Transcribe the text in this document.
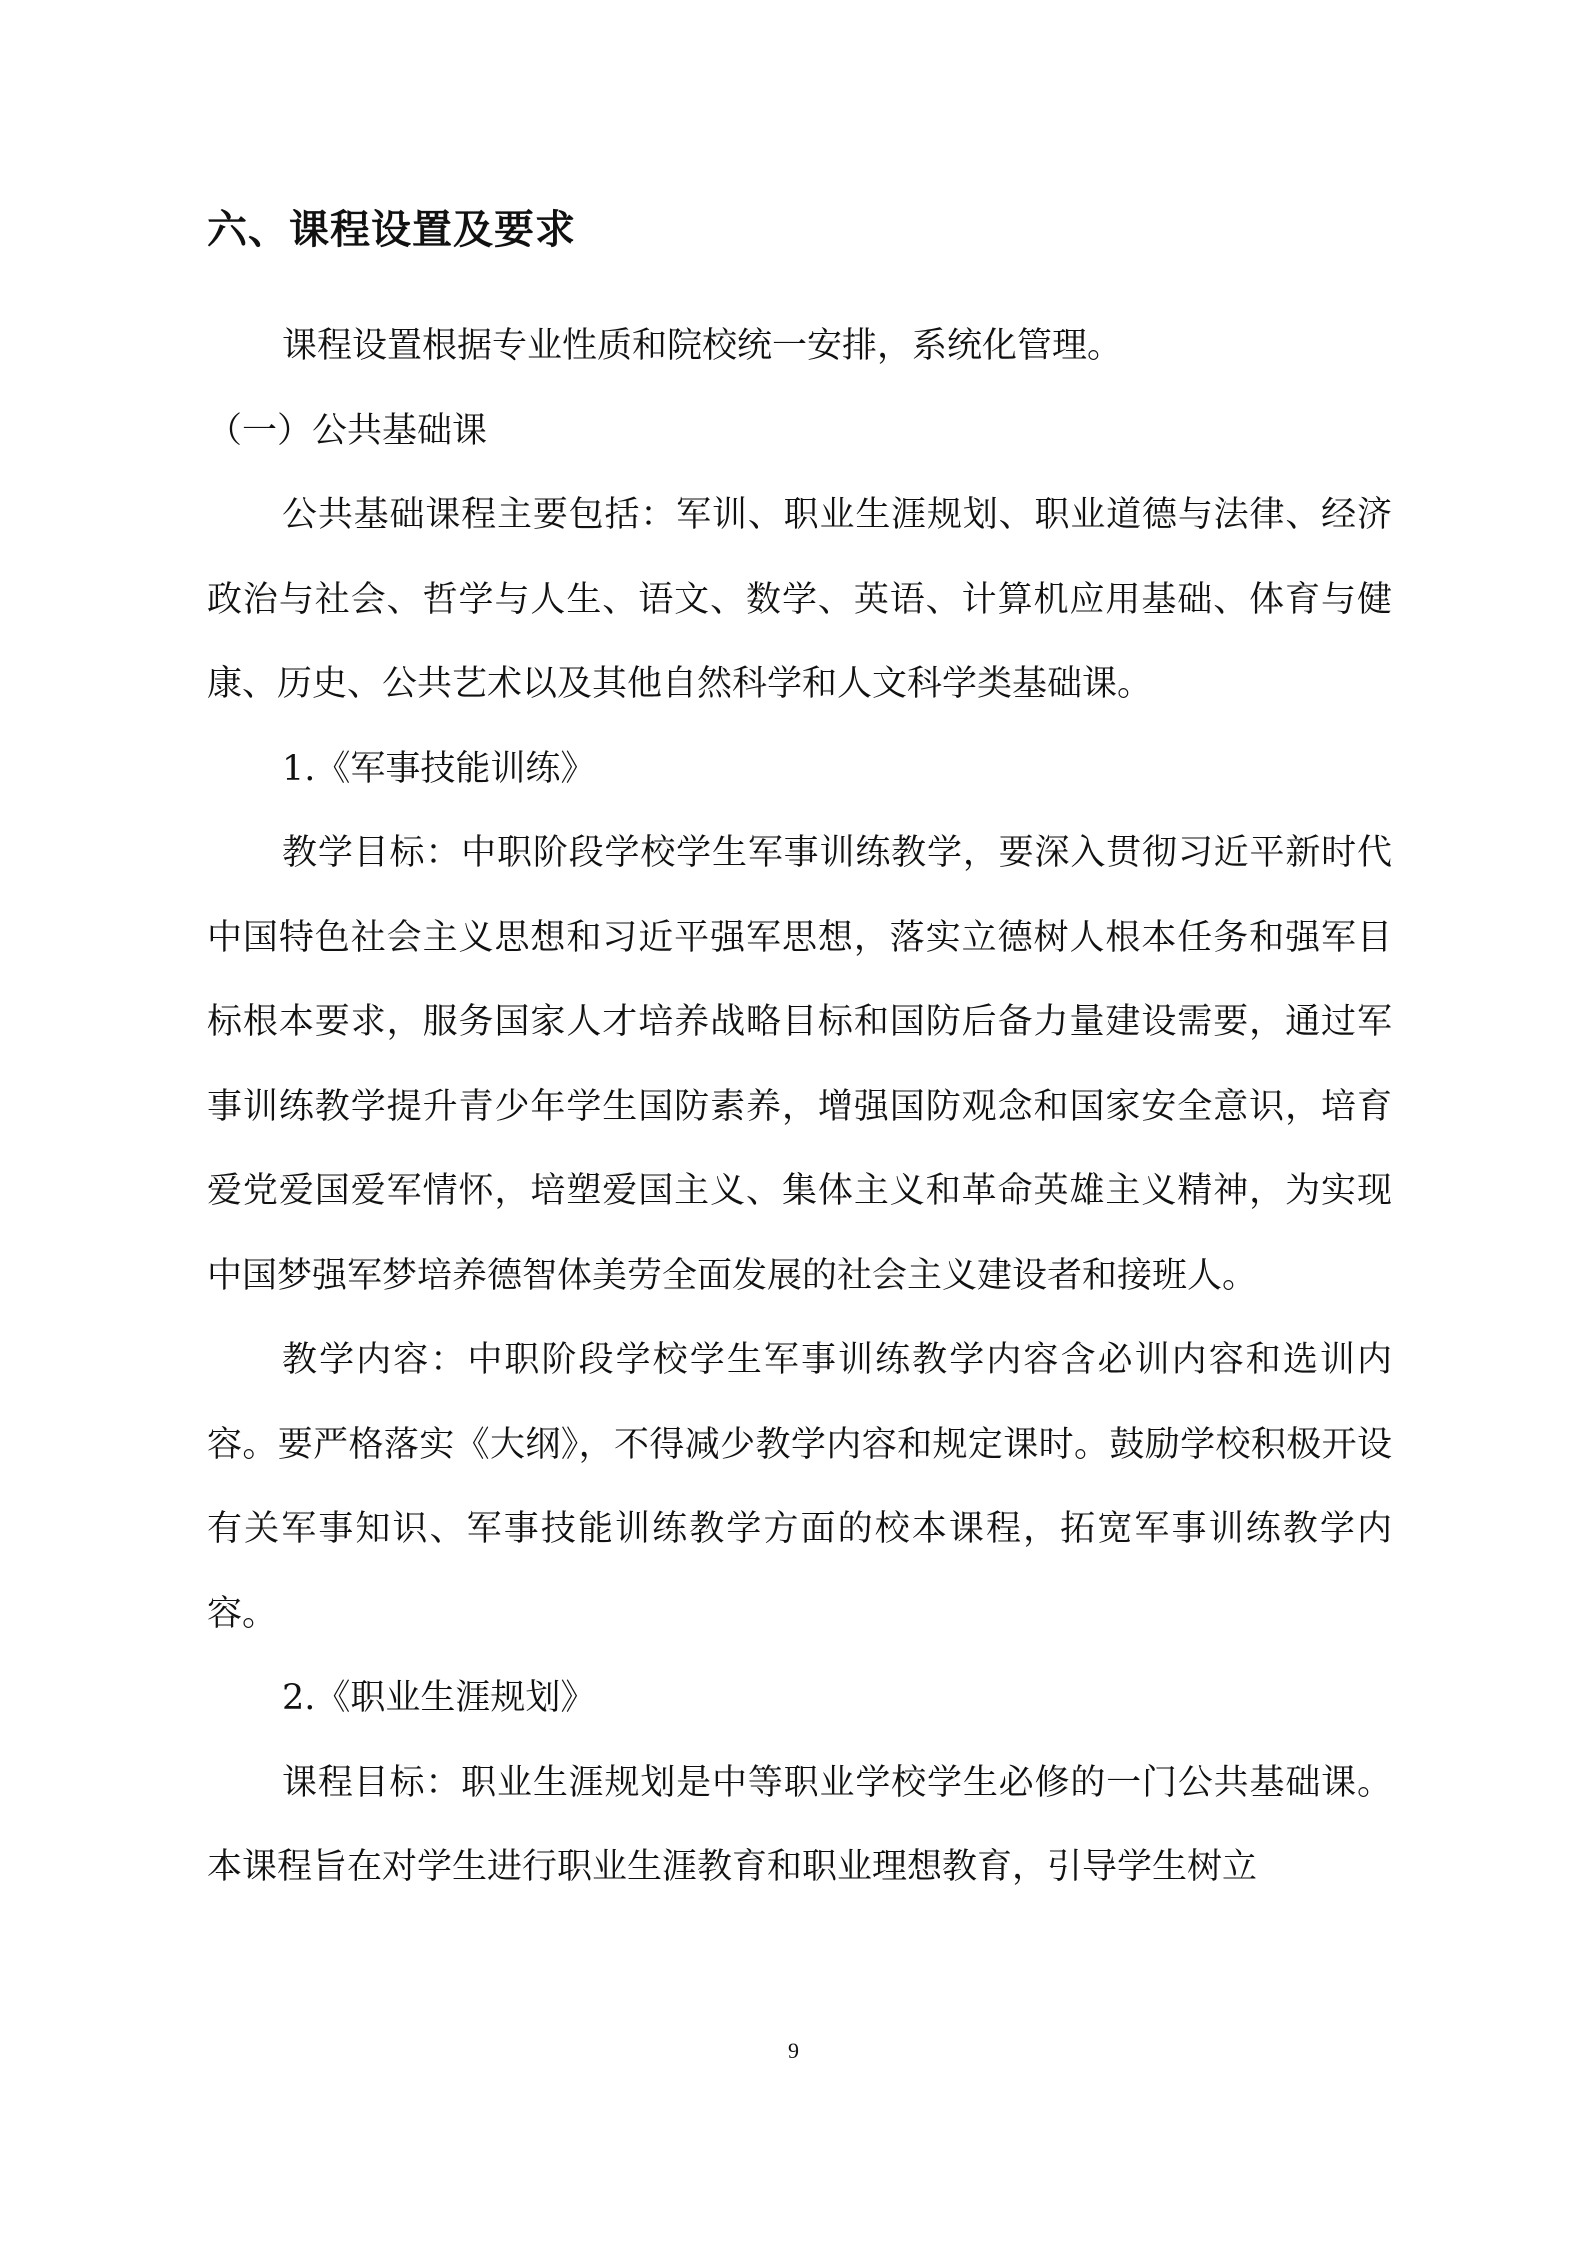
六、课程设置及要求

课程设置根据专业性质和院校统一安排，系统化管理。

（一）公共基础课

公共基础课程主要包括：军训、职业生涯规划、职业道德与法律、经济政治与社会、哲学与人生、语文、数学、英语、计算机应用基础、体育与健康、历史、公共艺术以及其他自然科学和人文科学类基础课。

1.《军事技能训练》

教学目标：中职阶段学校学生军事训练教学，要深入贯彻习近平新时代中国特色社会主义思想和习近平强军思想，落实立德树人根本任务和强军目标根本要求，服务国家人才培养战略目标和国防后备力量建设需要，通过军事训练教学提升青少年学生国防素养，增强国防观念和国家安全意识，培育爱党爱国爱军情怀，培塑爱国主义、集体主义和革命英雄主义精神，为实现中国梦强军梦培养德智体美劳全面发展的社会主义建设者和接班人。

教学内容：中职阶段学校学生军事训练教学内容含必训内容和选训内容。要严格落实《大纲》，不得减少教学内容和规定课时。鼓励学校积极开设有关军事知识、军事技能训练教学方面的校本课程，拓宽军事训练教学内容。

2.《职业生涯规划》

课程目标：职业生涯规划是中等职业学校学生必修的一门公共基础课。本课程旨在对学生进行职业生涯教育和职业理想教育，引导学生树立

9
